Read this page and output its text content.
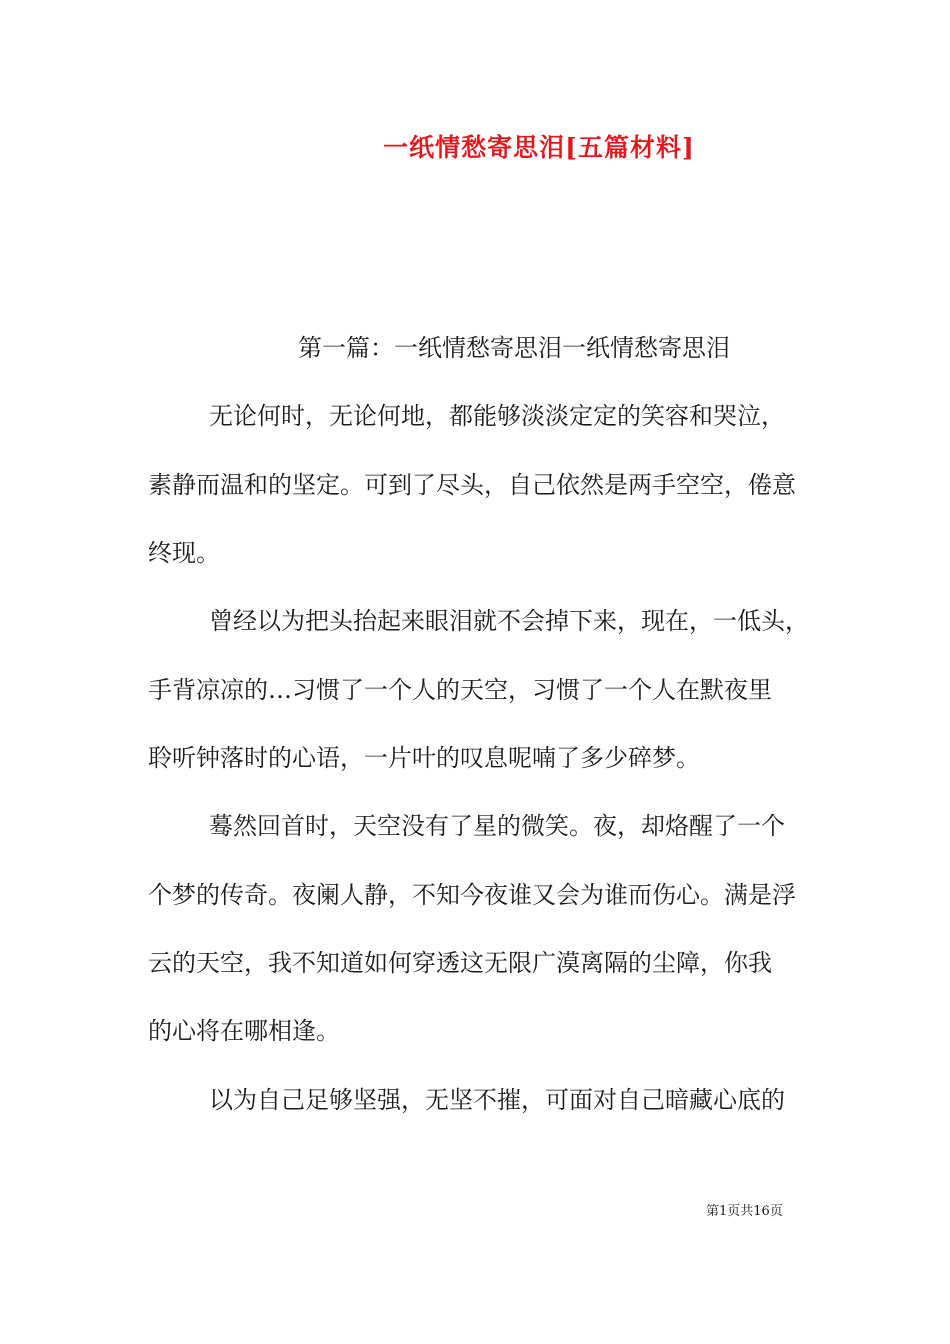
一纸情愁寄思泪[五篇材料]
第一篇：一纸情愁寄思泪一纸情愁寄思泪
无论何时，无论何地，都能够淡淡定定的笑容和哭泣，
素静而温和的坚定。可到了尽头，自己依然是两手空空，倦意
终现。
曾经以为把头抬起来眼泪就不会掉下来，现在，一低头，
手背凉凉的…习惯了一个人的天空，习惯了一个人在默夜里
聆听钟落时的心语，一片叶的叹息呢喃了多少碎梦。
蓦然回首时，天空没有了星的微笑。夜，却烙醒了一个
个梦的传奇。夜阑人静，不知今夜谁又会为谁而伤心。满是浮
云的天空，我不知道如何穿透这无限广漠离隔的尘障，你我
的心将在哪相逢。
以为自己足够坚强，无坚不摧，可面对自己暗藏心底的
第1页共16页
